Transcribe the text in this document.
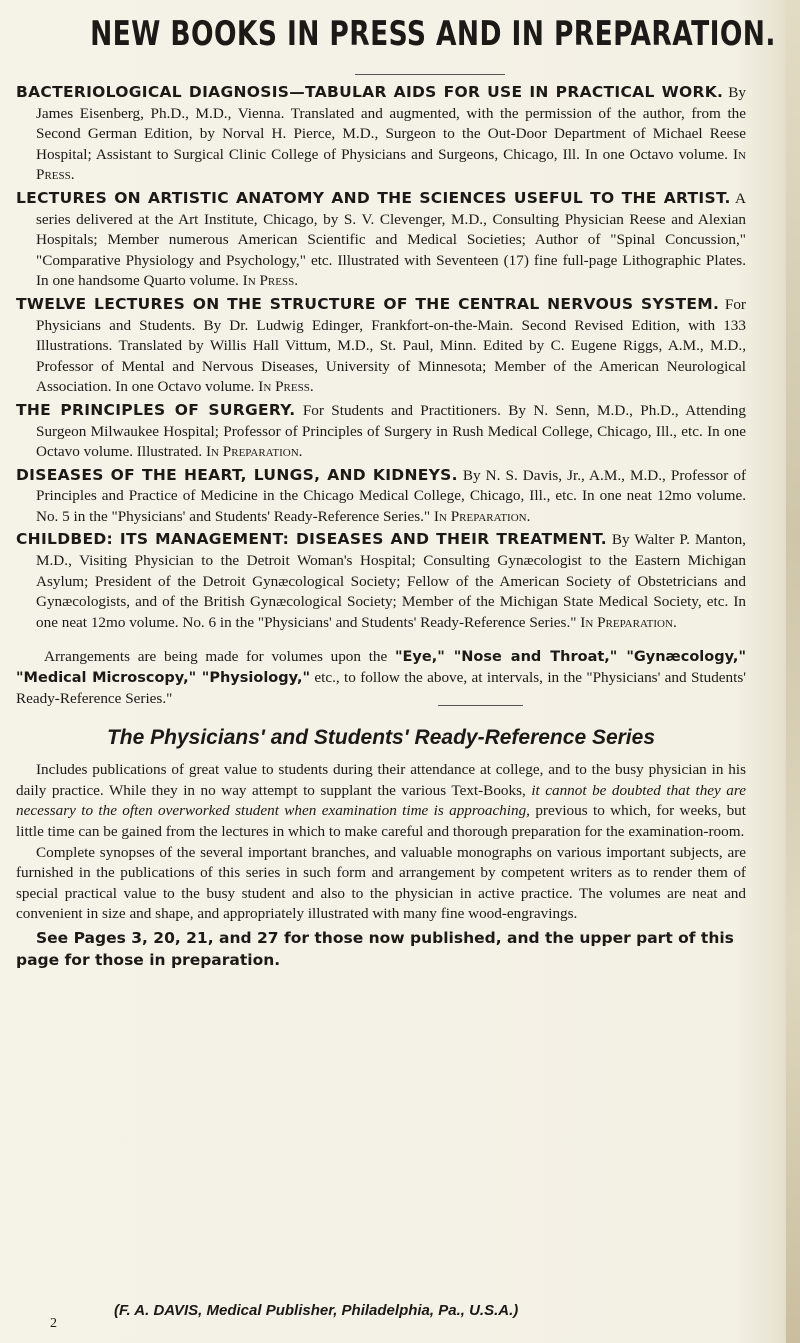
NEW BOOKS IN PRESS AND IN PREPARATION.

BACTERIOLOGICAL DIAGNOSIS—TABULAR AIDS FOR USE IN PRACTICAL WORK. By James Eisenberg, Ph.D., M.D., Vienna. Translated and augmented, with the permission of the author, from the Second German Edition, by Norval H. Pierce, M.D., Surgeon to the Out-Door Department of Michael Reese Hospital; Assistant to Surgical Clinic College of Physicians and Surgeons, Chicago, Ill. In one Octavo volume. In Press.

LECTURES ON ARTISTIC ANATOMY AND THE SCIENCES USEFUL TO THE ARTIST. A series delivered at the Art Institute, Chicago, by S. V. Clevenger, M.D., Consulting Physician Reese and Alexian Hospitals; Member numerous American Scientific and Medical Societies; Author of "Spinal Concussion," "Comparative Physiology and Psychology," etc. Illustrated with Seventeen (17) fine full-page Lithographic Plates. In one handsome Quarto volume. In Press.

TWELVE LECTURES ON THE STRUCTURE OF THE CENTRAL NERVOUS SYSTEM. For Physicians and Students. By Dr. Ludwig Edinger, Frankfort-on-the-Main. Second Revised Edition, with 133 Illustrations. Translated by Willis Hall Vittum, M.D., St. Paul, Minn. Edited by C. Eugene Riggs, A.M., M.D., Professor of Mental and Nervous Diseases, University of Minnesota; Member of the American Neurological Association. In one Octavo volume. In Press.

THE PRINCIPLES OF SURGERY. For Students and Practitioners. By N. Senn, M.D., Ph.D., Attending Surgeon Milwaukee Hospital; Professor of Principles of Surgery in Rush Medical College, Chicago, Ill., etc. In one Octavo volume. Illustrated. In Preparation.

DISEASES OF THE HEART, LUNGS, AND KIDNEYS. By N. S. Davis, Jr., A.M., M.D., Professor of Principles and Practice of Medicine in the Chicago Medical College, Chicago, Ill., etc. In one neat 12mo volume. No. 5 in the "Physicians' and Students' Ready-Reference Series." In Preparation.

CHILDBED: ITS MANAGEMENT: DISEASES AND THEIR TREATMENT. By Walter P. Manton, M.D., Visiting Physician to the Detroit Woman's Hospital; Consulting Gynæcologist to the Eastern Michigan Asylum; President of the Detroit Gynæcological Society; Fellow of the American Society of Obstetricians and Gynæcologists, and of the British Gynæcological Society; Member of the Michigan State Medical Society, etc. In one neat 12mo volume. No. 6 in the "Physicians' and Students' Ready-Reference Series." In Preparation.

Arrangements are being made for volumes upon the "Eye," "Nose and Throat," "Gynæcology," "Medical Microscopy," "Physiology," etc., to follow the above, at intervals, in the "Physicians' and Students' Ready-Reference Series."

The Physicians' and Students' Ready-Reference Series

Includes publications of great value to students during their attendance at college, and to the busy physician in his daily practice. While they in no way attempt to supplant the various Text-Books, it cannot be doubted that they are necessary to the often overworked student when examination time is approaching, previous to which, for weeks, but little time can be gained from the lectures in which to make careful and thorough preparation for the examination-room.

Complete synopses of the several important branches, and valuable monographs on various important subjects, are furnished in the publications of this series in such form and arrangement by competent writers as to render them of special practical value to the busy student and also to the physician in active practice. The volumes are neat and convenient in size and shape, and appropriately illustrated with many fine wood-engravings.

See Pages 3, 20, 21, and 27 for those now published, and the upper part of this page for those in preparation.

2
(F. A. DAVIS, Medical Publisher, Philadelphia, Pa., U.S.A.)
